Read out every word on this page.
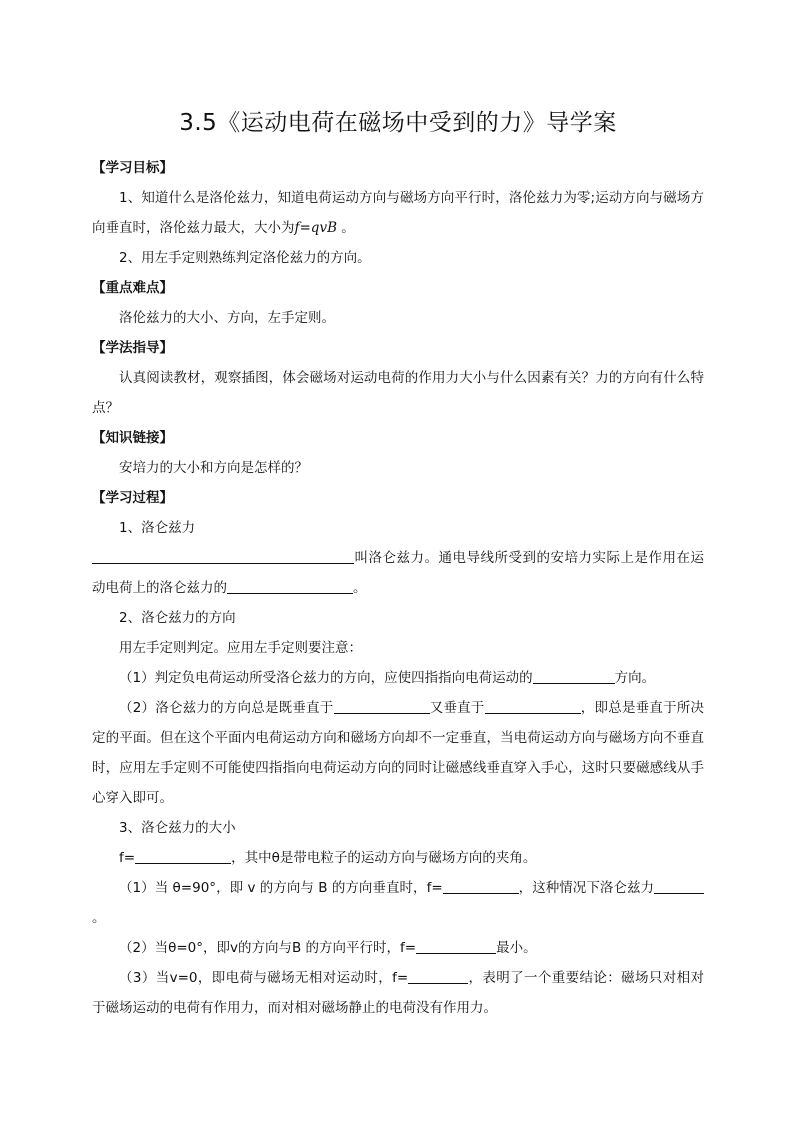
3.5《运动电荷在磁场中受到的力》导学案
【学习目标】

1、知道什么是洛伦兹力，知道电荷运动方向与磁场方向平行时，洛伦兹力为零;运动方向与磁场方向垂直时，洛伦兹力最大，大小为f=qvB 。

2、用左手定则熟练判定洛伦兹力的方向。

【重点难点】

洛伦兹力的大小、方向，左手定则。

【学法指导】

认真阅读教材，观察插图，体会磁场对运动电荷的作用力大小与什么因素有关？力的方向有什么特点？

【知识链接】

安培力的大小和方向是怎样的？

【学习过程】

1、洛仑兹力

叫洛仑兹力。通电导线所受到的安培力实际上是作用在运动电荷上的洛仑兹力的	。

2、洛仑兹力的方向

用左手定则判定。应用左手定则要注意：

（1）判定负电荷运动所受洛仑兹力的方向，应使四指指向电荷运动的	方向。

（2）洛仑兹力的方向总是既垂直于	又垂直于	，即总是垂直于所决定的平面。但在这个平面内电荷运动方向和磁场方向却不一定垂直，当电荷运动方向与磁场方向不垂直时，应用左手定则不可能使四指指向电荷运动方向的同时让磁感线垂直穿入手心，这时只要磁感线从手心穿入即可。

3、洛仑兹力的大小

f=	，其中θ是带电粒子的运动方向与磁场方向的夹角。

（1）当 θ=90°，即 v 的方向与 B 的方向垂直时，f=	，这种情况下洛仑兹力。

（2）当θ=0°，即v的方向与B 的方向平行时，f=	最小。

（3）当v=0，即电荷与磁场无相对运动时，f=	，表明了一个重要结论：磁场只对相对于磁场运动的电荷有作用力，而对相对磁场静止的电荷没有作用力。
